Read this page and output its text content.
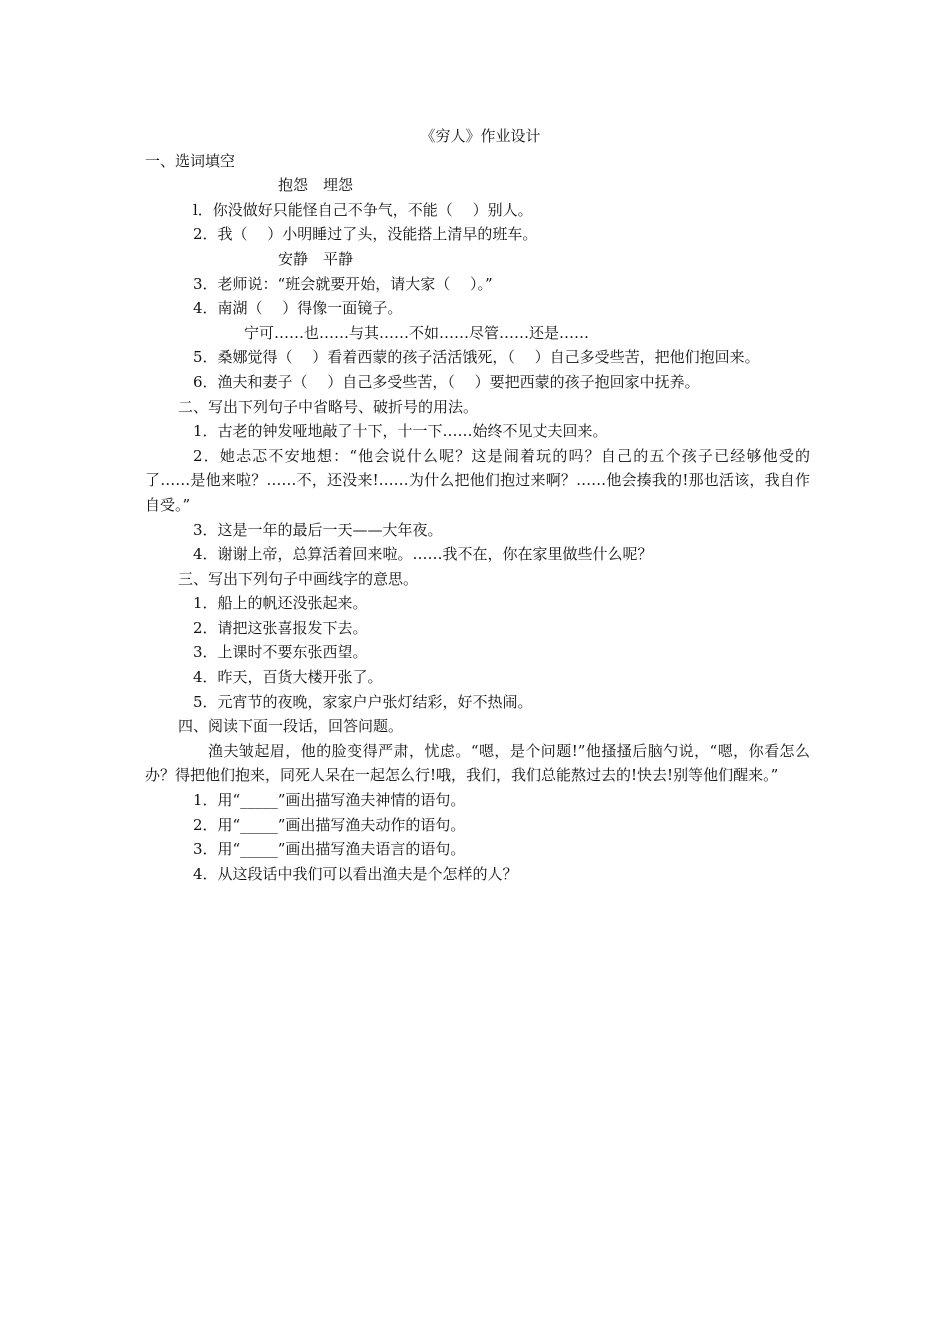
《穷人》作业设计
一、选词填空
抱怨　埋怨
l．你没做好只能怪自己不争气，不能（　 ）别人。
2．我（　 ）小明睡过了头，没能搭上清早的班车。
安静　平静
3．老师说：“班会就要开始，请大家（　 ）。”
4．南湖（　 ）得像一面镜子。
宁可……也……与其……不如……尽管……还是……
5．桑娜觉得（　 ）看着西蒙的孩子活活饿死，（　 ）自己多受些苦，把他们抱回来。
6．渔夫和妻子（　 ）自己多受些苦，（　 ）要把西蒙的孩子抱回家中抚养。
二、写出下列句子中省略号、破折号的用法。
1．古老的钟发哑地敲了十下，十一下……始终不见丈夫回来。
2．她忐忑不安地想：“他会说什么呢？这是闹着玩的吗？自己的五个孩子已经够他受的了……是他来啦？……不，还没来!……为什么把他们抱过来啊？……他会揍我的!那也活该，我自作自受。”
3．这是一年的最后一天——大年夜。
4．谢谢上帝，总算活着回来啦。……我不在，你在家里做些什么呢？
三、写出下列句子中画线字的意思。
1．船上的帆还没张起来。
2．请把这张喜报发下去。
3．上课时不要东张西望。
4．昨天，百货大楼开张了。
5．元宵节的夜晚，家家户户张灯结彩，好不热闹。
四、阅读下面一段话，回答问题。
渔夫皱起眉，他的脸变得严肃，忧虑。“嗯，是个问题!”他搔搔后脑勺说，“嗯，你看怎么办？得把他们抱来，同死人呆在一起怎么行!哦，我们，我们总能熬过去的!快去!别等他们醒来。”
1．用“_____”画出描写渔夫神情的语句。
2．用“_____”画出描写渔夫动作的语句。
3．用“_____”画出描写渔夫语言的语句。
4．从这段话中我们可以看出渔夫是个怎样的人？
